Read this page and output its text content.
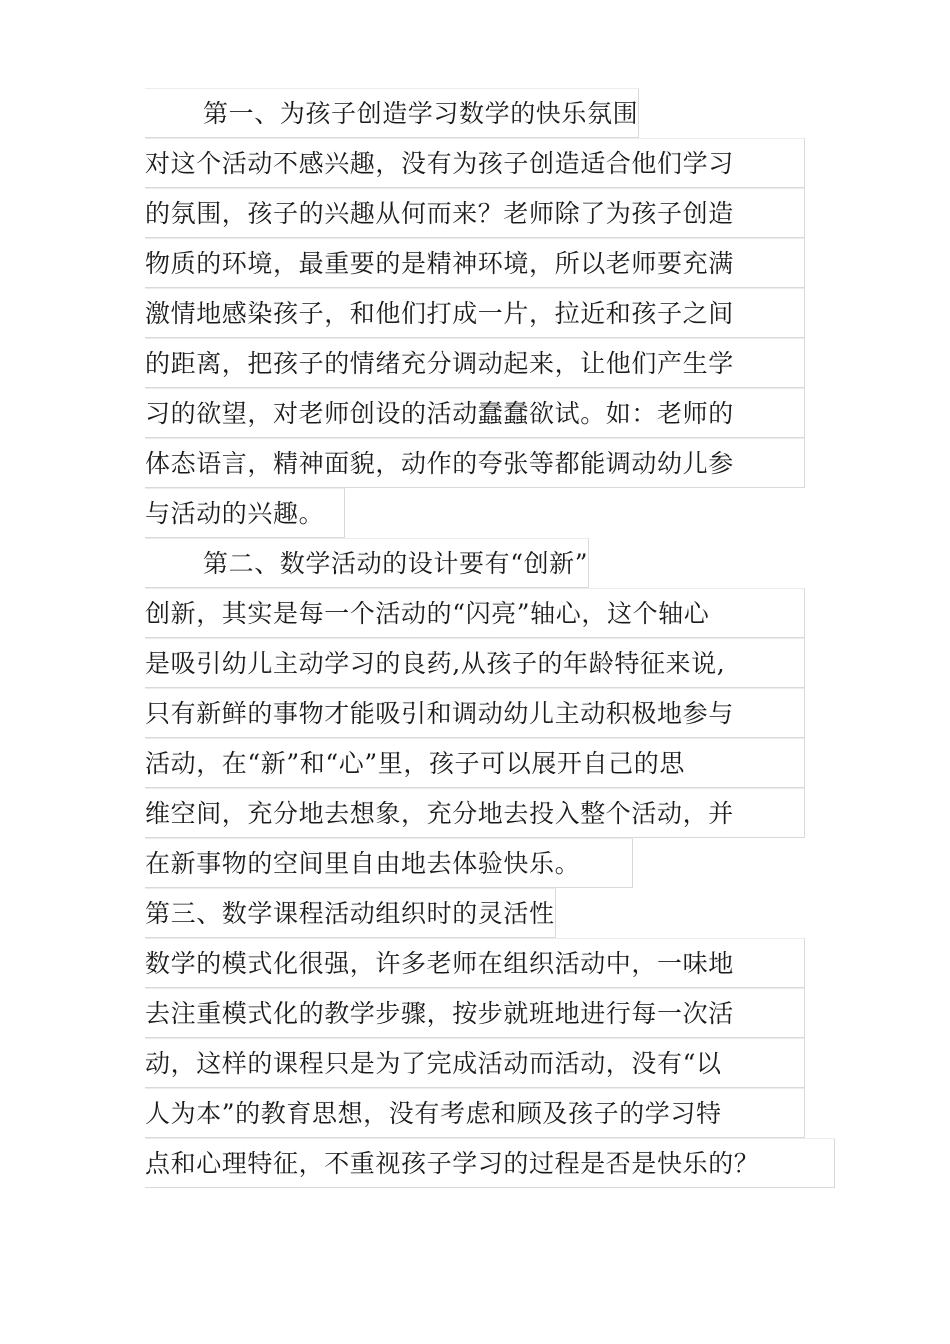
第一、为孩子创造学习数学的快乐氛围
对这个活动不感兴趣，没有为孩子创造适合他们学习
的氛围，孩子的兴趣从何而来？老师除了为孩子创造
物质的环境，最重要的是精神环境，所以老师要充满
激情地感染孩子，和他们打成一片，拉近和孩子之间
的距离，把孩子的情绪充分调动起来，让他们产生学
习的欲望，对老师创设的活动蠢蠢欲试。如：老师的
体态语言，精神面貌，动作的夸张等都能调动幼儿参
与活动的兴趣。
第二、数学活动的设计要有“创新”
创新，其实是每一个活动的“闪亮”轴心，这个轴心
是吸引幼儿主动学习的良药,从孩子的年龄特征来说,
只有新鲜的事物才能吸引和调动幼儿主动积极地参与
活动，在“新”和“心”里，孩子可以展开自己的思
维空间，充分地去想象，充分地去投入整个活动，并
在新事物的空间里自由地去体验快乐。
第三、数学课程活动组织时的灵活性
数学的模式化很强，许多老师在组织活动中，一味地
去注重模式化的教学步骤，按步就班地进行每一次活
动，这样的课程只是为了完成活动而活动，没有“以
人为本”的教育思想，没有考虑和顾及孩子的学习特
点和心理特征，不重视孩子学习的过程是否是快乐的？
